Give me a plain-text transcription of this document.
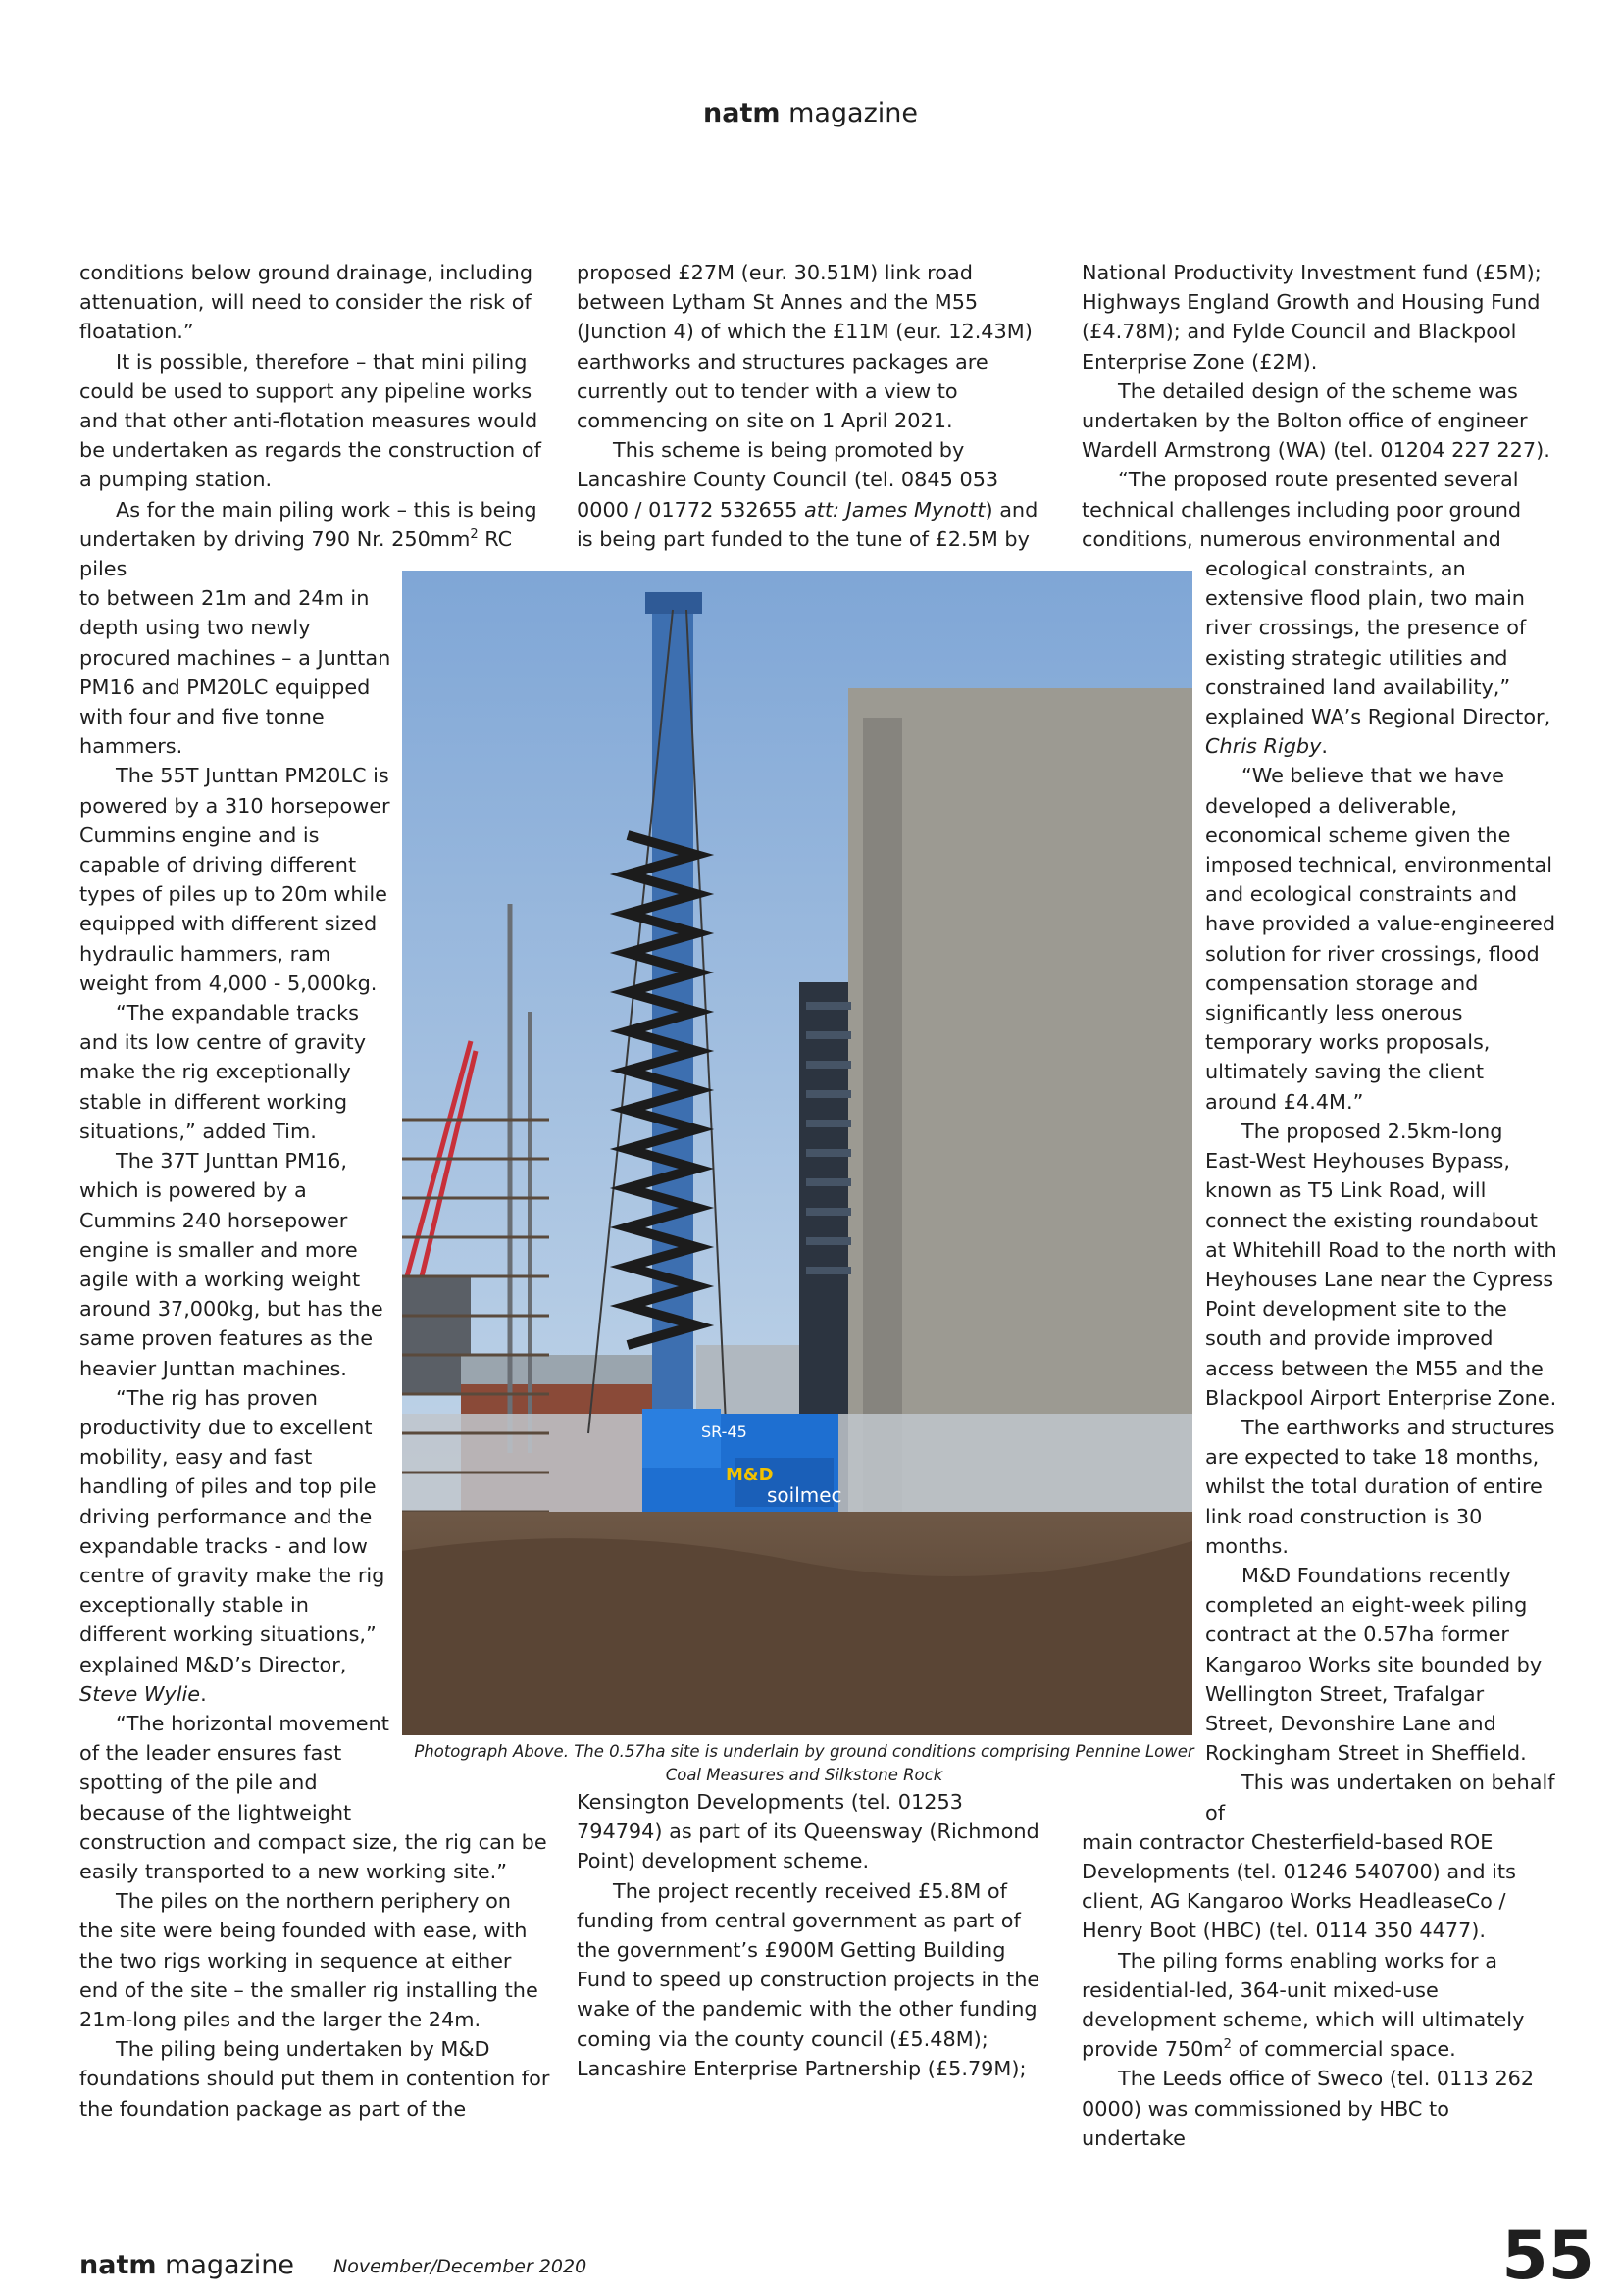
natm magazine

conditions below ground drainage, including attenuation, will need to consider the risk of floatation.”

It is possible, therefore – that mini piling could be used to support any pipeline works and that other anti-flotation measures would be undertaken as regards the construction of a pumping station.

As for the main piling work – this is being undertaken by driving 790 Nr. $250mm^2$ RC piles

to between 21m and 24m in depth using two newly procured machines – a Junttan PM16 and PM20LC equipped with four and five tonne hammers.

The 55T Junttan PM20LC is powered by a 310 horsepower Cummins engine and is capable of driving different types of piles up to 20m while equipped with different sized hydraulic hammers, ram weight from 4,000 - 5,000kg.

“The expandable tracks and its low centre of gravity make the rig exceptionally stable in different working situations,” added Tim.

The 37T Junttan PM16, which is powered by a Cummins 240 horsepower engine is smaller and more agile with a working weight around 37,000kg, but has the same proven features as the heavier Junttan machines.

“The rig has proven productivity due to excellent mobility, easy and fast handling of piles and top pile driving performance and the expandable tracks - and low centre of gravity make the rig exceptionally stable in different working situations,” explained M&D’s Director, Steve Wylie.

“The horizontal movement of the leader ensures fast spotting of the pile and because of the lightweight

construction and compact size, the rig can be easily transported to a new working site.”

The piles on the northern periphery on the site were being founded with ease, with the two rigs working in sequence at either end of the site – the smaller rig installing the 21m-long piles and the larger the 24m.

The piling being undertaken by M&D foundations should put them in contention for the foundation package as part of the

proposed £27M (eur. 30.51M) link road between Lytham St Annes and the M55 (Junction 4) of which the £11M (eur. 12.43M) earthworks and structures packages are currently out to tender with a view to commencing on site on 1 April 2021.

This scheme is being promoted by Lancashire County Council (tel. 0845 053 0000 / 01772 532655 att: James Mynott) and is being part funded to the tune of £2.5M by

Kensington Developments (tel. 01253 794794) as part of its Queensway (Richmond Point) development scheme.

The project recently received £5.8M of funding from central government as part of the government’s £900M Getting Building Fund to speed up construction projects in the wake of the pandemic with the other funding coming via the county council (£5.48M); Lancashire Enterprise Partnership (£5.79M);

National Productivity Investment fund (£5M); Highways England Growth and Housing Fund (£4.78M); and Fylde Council and Blackpool Enterprise Zone (£2M).

The detailed design of the scheme was undertaken by the Bolton office of engineer Wardell Armstrong (WA) (tel. 01204 227 227).

“The proposed route presented several technical challenges including poor ground conditions, numerous environmental and

ecological constraints, an extensive flood plain, two main river crossings, the presence of existing strategic utilities and constrained land availability,” explained WA’s Regional Director, Chris Rigby.

“We believe that we have developed a deliverable, economical scheme given the imposed technical, environmental and ecological constraints and have provided a value-engineered solution for river crossings, flood compensation storage and significantly less onerous temporary works proposals, ultimately saving the client around £4.4M.”

The proposed 2.5km-long East-West Heyhouses Bypass, known as T5 Link Road, will connect the existing roundabout at Whitehill Road to the north with Heyhouses Lane near the Cypress Point development site to the south and provide improved access between the M55 and the Blackpool Airport Enterprise Zone.

The earthworks and structures are expected to take 18 months, whilst the total duration of entire link road construction is 30 months.

M&D Foundations recently completed an eight-week piling contract at the 0.57ha former Kangaroo Works site bounded by Wellington Street, Trafalgar Street, Devonshire Lane and Rockingham Street in Sheffield.

This was undertaken on behalf of

main contractor Chesterfield-based ROE Developments (tel. 01246 540700) and its client, AG Kangaroo Works HeadleaseCo / Henry Boot (HBC) (tel. 0114 350 4477).

The piling forms enabling works for a residential-led, 364-unit mixed-use development scheme, which will ultimately provide $750m^2$ of commercial space.

The Leeds office of Sweco (tel. 0113 262 0000) was commissioned by HBC to undertake

SR-45
soilmec
M&D
Photograph Above. The 0.57ha site is underlain by ground conditions comprising Pennine Lower Coal Measures and Silkstone Rock
natm magazine November/December 2020	55
